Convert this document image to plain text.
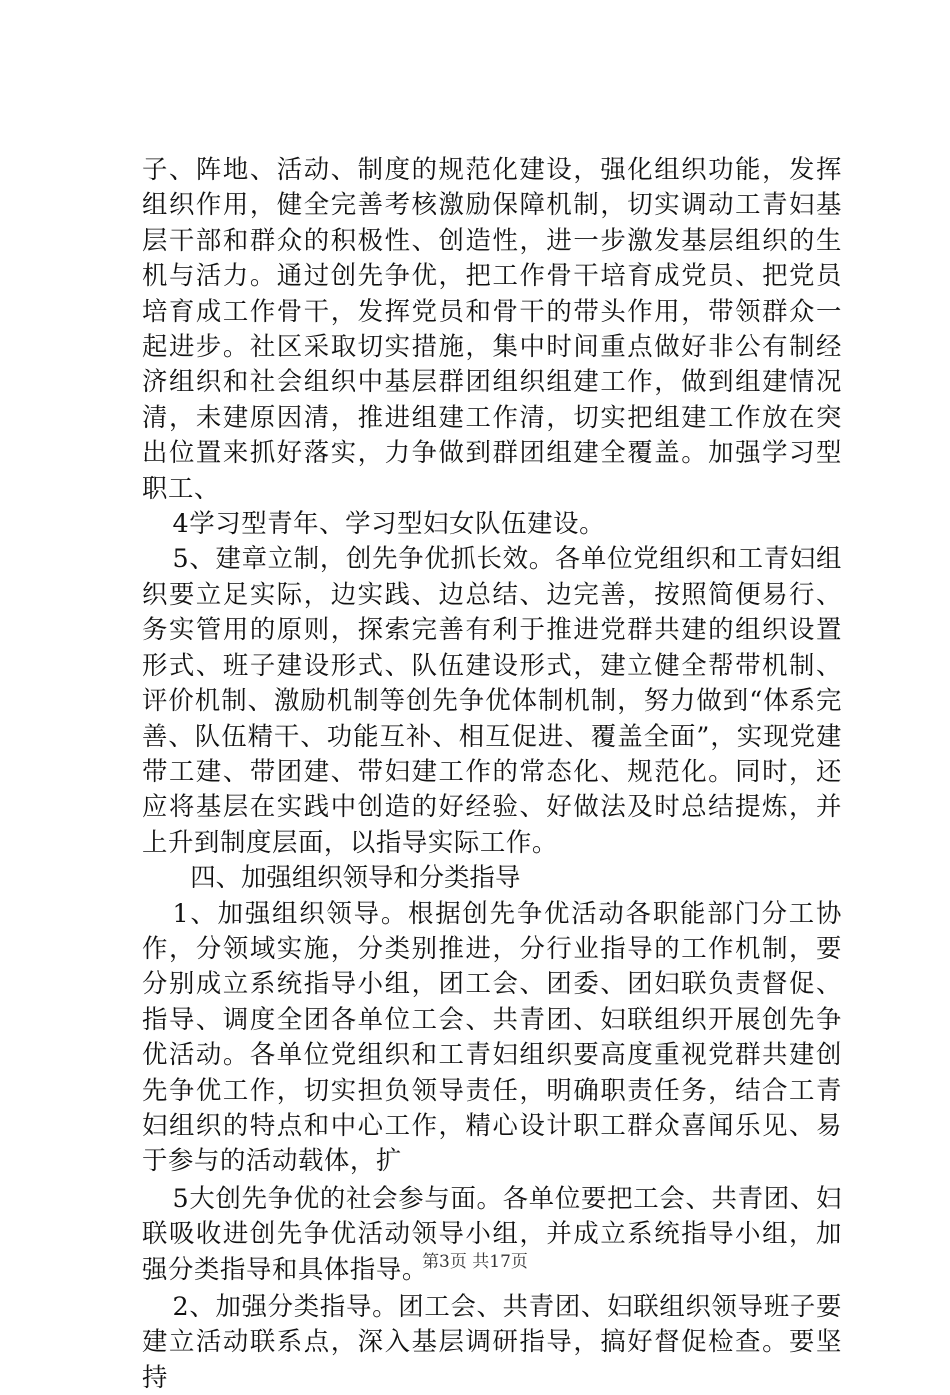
子、阵地、活动、制度的规范化建设，强化组织功能，发挥组织作用，健全完善考核激励保障机制，切实调动工青妇基层干部和群众的积极性、创造性，进一步激发基层组织的生机与活力。通过创先争优，把工作骨干培育成党员、把党员培育成工作骨干，发挥党员和骨干的带头作用，带领群众一起进步。社区采取切实措施，集中时间重点做好非公有制经济组织和社会组织中基层群团组织组建工作，做到组建情况清，未建原因清，推进组建工作清，切实把组建工作放在突出位置来抓好落实，力争做到群团组建全覆盖。加强学习型职工、

4学习型青年、学习型妇女队伍建设。

5、建章立制，创先争优抓长效。各单位党组织和工青妇组织要立足实际，边实践、边总结、边完善，按照简便易行、务实管用的原则，探索完善有利于推进党群共建的组织设置形式、班子建设形式、队伍建设形式，建立健全帮带机制、评价机制、激励机制等创先争优体制机制，努力做到“体系完善、队伍精干、功能互补、相互促进、覆盖全面”，实现党建带工建、带团建、带妇建工作的常态化、规范化。同时，还应将基层在实践中创造的好经验、好做法及时总结提炼，并上升到制度层面，以指导实际工作。

四、加强组织领导和分类指导

1、加强组织领导。根据创先争优活动各职能部门分工协作，分领域实施，分类别推进，分行业指导的工作机制，要分别成立系统指导小组，团工会、团委、团妇联负责督促、指导、调度全团各单位工会、共青团、妇联组织开展创先争优活动。各单位党组织和工青妇组织要高度重视党群共建创先争优工作，切实担负领导责任，明确职责任务，结合工青妇组织的特点和中心工作，精心设计职工群众喜闻乐见、易于参与的活动载体，扩

5大创先争优的社会参与面。各单位要把工会、共青团、妇联吸收进创先争优活动领导小组，并成立系统指导小组，加强分类指导和具体指导。

2、加强分类指导。团工会、共青团、妇联组织领导班子要建立活动联系点，深入基层调研指导，搞好督促检查。要坚持

第3页 共17页
